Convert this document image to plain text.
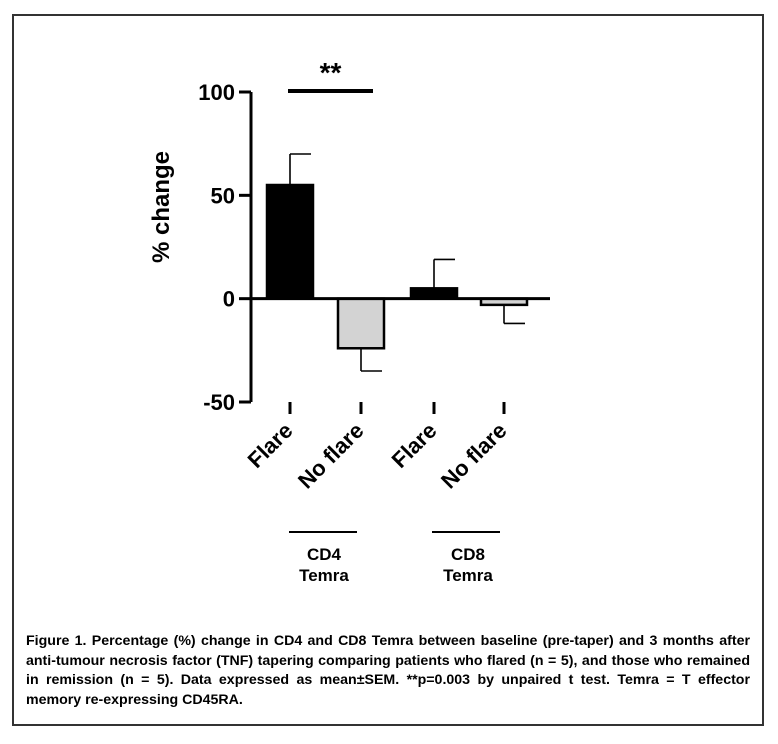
-50
0
50
100
% change
Flare
No flare Flare
No flare
**
CD4
Temra
CD8
Temra
Figure 1. Percentage (%) change in CD4 and CD8 Temra between baseline (pre-taper) and 3 months after anti-tumour necrosis factor (TNF) tapering comparing patients who flared (n = 5), and those who remained in remission (n = 5). Data expressed as mean±SEM. **p=0.003 by unpaired t test. Temra = T effector memory re-expressing CD45RA.
